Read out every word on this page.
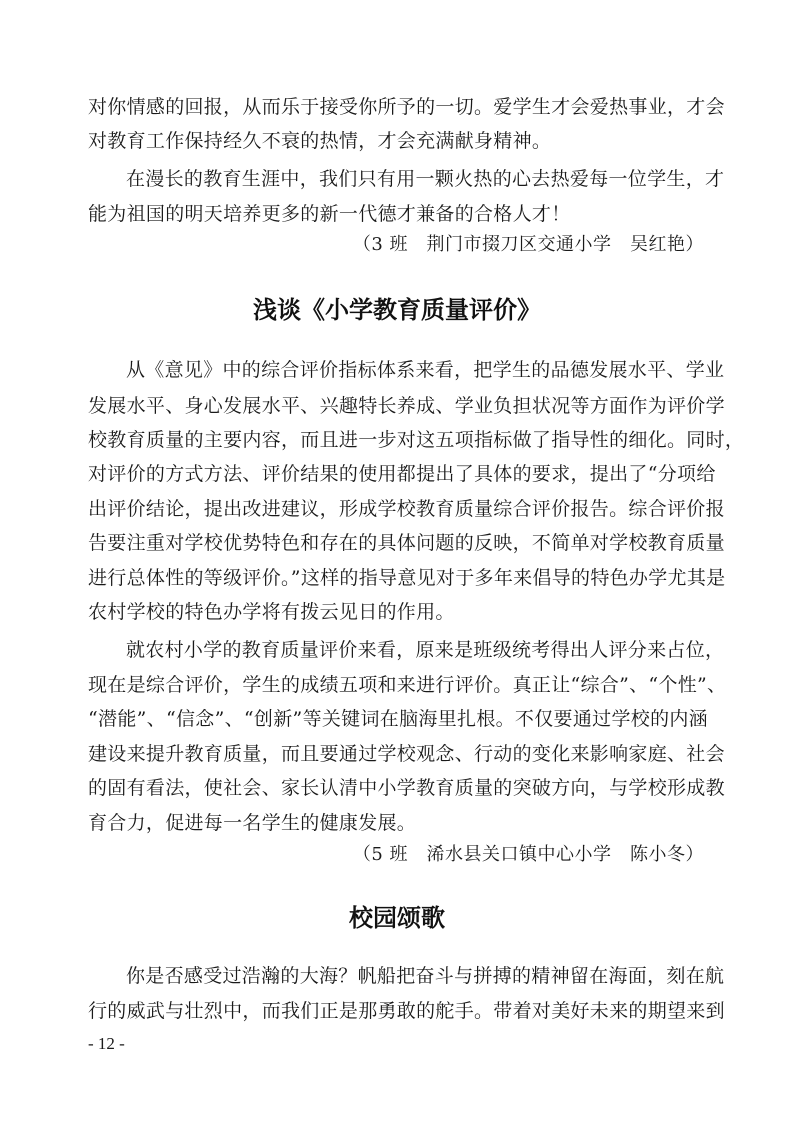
对你情感的回报，从而乐于接受你所予的一切。爱学生才会爱热事业，才会
对教育工作保持经久不衰的热情，才会充满献身精神。
在漫长的教育生涯中，我们只有用一颗火热的心去热爱每一位学生，才
能为祖国的明天培养更多的新一代德才兼备的合格人才！
（3 班　荆门市掇刀区交通小学　吴红艳）
浅谈《小学教育质量评价》
从《意见》中的综合评价指标体系来看，把学生的品德发展水平、学业
发展水平、身心发展水平、兴趣特长养成、学业负担状况等方面作为评价学
校教育质量的主要内容，而且进一步对这五项指标做了指导性的细化。同时，
对评价的方式方法、评价结果的使用都提出了具体的要求，提出了“分项给
出评价结论，提出改进建议，形成学校教育质量综合评价报告。综合评价报
告要注重对学校优势特色和存在的具体问题的反映，不简单对学校教育质量
进行总体性的等级评价。”这样的指导意见对于多年来倡导的特色办学尤其是
农村学校的特色办学将有拨云见日的作用。
就农村小学的教育质量评价来看，原来是班级统考得出人评分来占位，
现在是综合评价，学生的成绩五项和来进行评价。真正让“综合”、“个性”、
“潜能”、“信念”、“创新”等关键词在脑海里扎根。不仅要通过学校的内涵
建设来提升教育质量，而且要通过学校观念、行动的变化来影响家庭、社会
的固有看法，使社会、家长认清中小学教育质量的突破方向，与学校形成教
育合力，促进每一名学生的健康发展。
（5 班　浠水县关口镇中心小学　陈小冬）
校园颂歌
你是否感受过浩瀚的大海？帆船把奋斗与拼搏的精神留在海面，刻在航
行的威武与壮烈中，而我们正是那勇敢的舵手。带着对美好未来的期望来到
- 12 -
